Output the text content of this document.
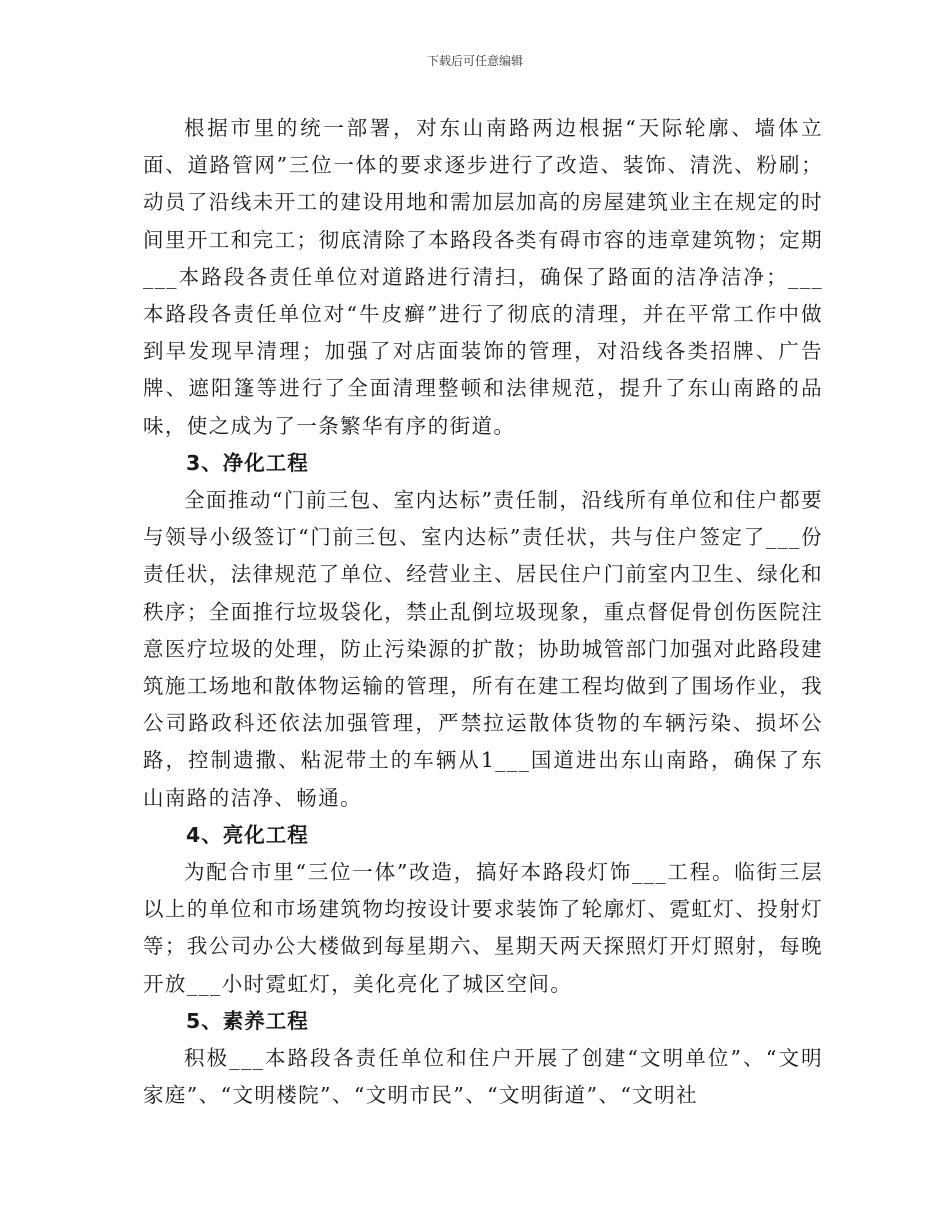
下载后可任意编辑

根据市里的统一部署，对东山南路两边根据“天际轮廓、墙体立面、道路管网”三位一体的要求逐步进行了改造、装饰、清洗、粉刷；动员了沿线未开工的建设用地和需加层加高的房屋建筑业主在规定的时间里开工和完工；彻底清除了本路段各类有碍市容的违章建筑物；定期___本路段各责任单位对道路进行清扫，确保了路面的洁净洁净；___本路段各责任单位对“牛皮癣”进行了彻底的清理，并在平常工作中做到早发现早清理；加强了对店面装饰的管理，对沿线各类招牌、广告牌、遮阳篷等进行了全面清理整顿和法律规范，提升了东山南路的品味，使之成为了一条繁华有序的街道。

3、净化工程

全面推动“门前三包、室内达标”责任制，沿线所有单位和住户都要与领导小级签订“门前三包、室内达标”责任状，共与住户签定了___份责任状，法律规范了单位、经营业主、居民住户门前室内卫生、绿化和秩序；全面推行垃圾袋化，禁止乱倒垃圾现象，重点督促骨创伤医院注意医疗垃圾的处理，防止污染源的扩散；协助城管部门加强对此路段建筑施工场地和散体物运输的管理，所有在建工程均做到了围场作业，我公司路政科还依法加强管理，严禁拉运散体货物的车辆污染、损坏公路，控制遗撒、粘泥带土的车辆从1___国道进出东山南路，确保了东山南路的洁净、畅通。

4、亮化工程

为配合市里“三位一体”改造，搞好本路段灯饰___工程。临街三层以上的单位和市场建筑物均按设计要求装饰了轮廓灯、霓虹灯、投射灯等；我公司办公大楼做到每星期六、星期天两天探照灯开灯照射，每晚开放___小时霓虹灯，美化亮化了城区空间。

5、素养工程

积极___本路段各责任单位和住户开展了创建“文明单位”、“文明家庭”、“文明楼院”、“文明市民”、“文明街道”、“文明社
